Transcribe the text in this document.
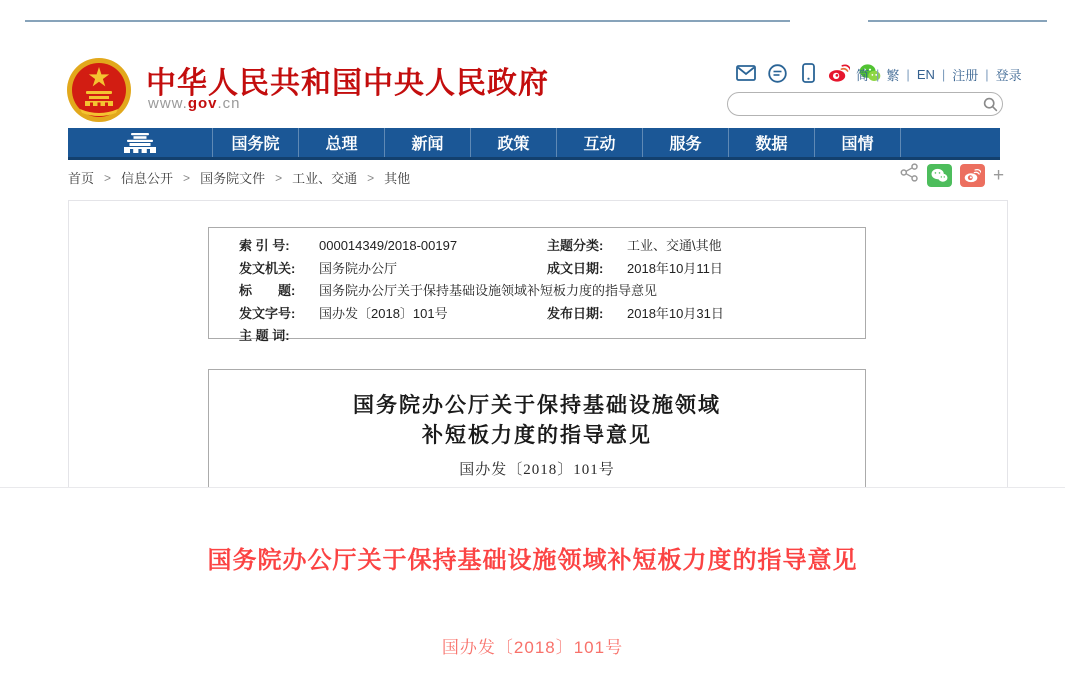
中华人民共和国中央人民政府
www.gov.cn
简 | 繁 | EN | 注册 | 登录
国务院	总理	新闻	政策	互动	服务	数据	国情
首页 > 信息公开 > 国务院文件 > 工业、交通 > 其他	+
索 引 号:	000014349/2018-00197	主题分类:	工业、交通\其他
发文机关:	国务院办公厅	成文日期:	2018年10月11日
标　　题:	国务院办公厅关于保持基础设施领域补短板力度的指导意见
发文字号:	国办发〔2018〕101号	发布日期:	2018年10月31日
主 题 词:
国务院办公厅关于保持基础设施领域
补短板力度的指导意见
国办发〔2018〕101号
国务院办公厅关于保持基础设施领域补短板力度的指导意见
国办发〔2018〕101号
